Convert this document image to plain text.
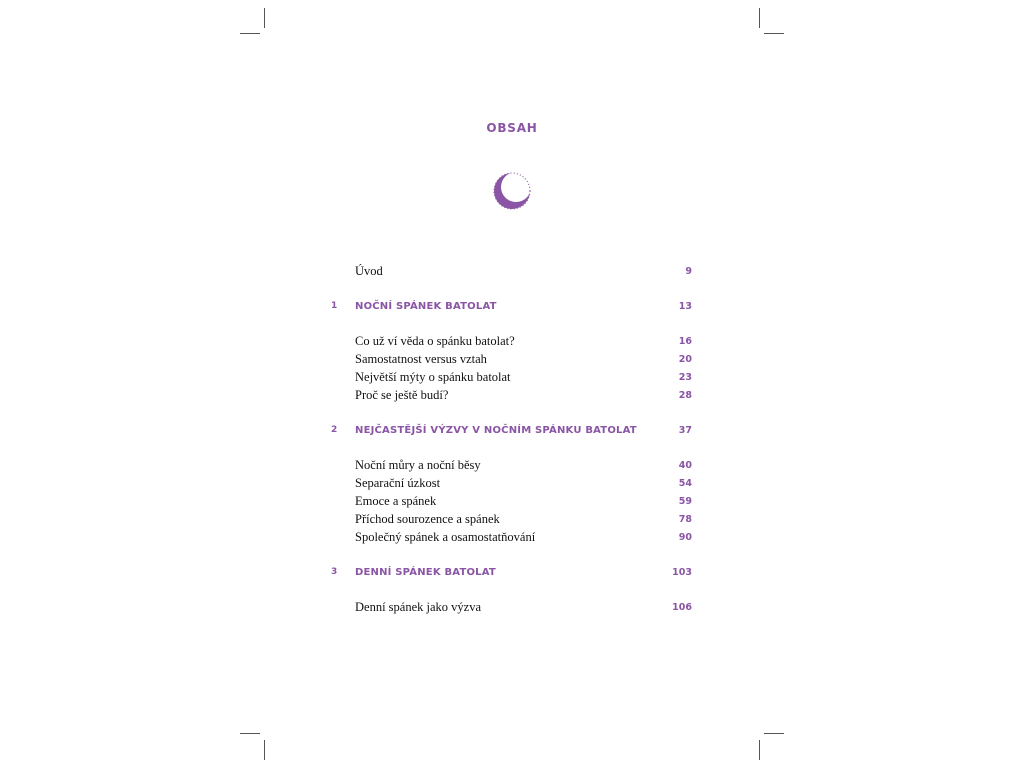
OBSAH
Úvod	9
1 NOČNÍ SPÁNEK BATOLAT	13
Co už ví věda o spánku batolat?	16
Samostatnost versus vztah	20
Největší mýty o spánku batolat	23
Proč se ještě budí?	28
2 NEJČASTĚJŠÍ VÝZVY V NOČNÍM SPÁNKU BATOLAT	37
Noční můry a noční běsy	40
Separační úzkost	54
Emoce a spánek	59
Příchod sourozence a spánek	78
Společný spánek a osamostatňování	90
3 DENNÍ SPÁNEK BATOLAT	103
Denní spánek jako výzva	106
